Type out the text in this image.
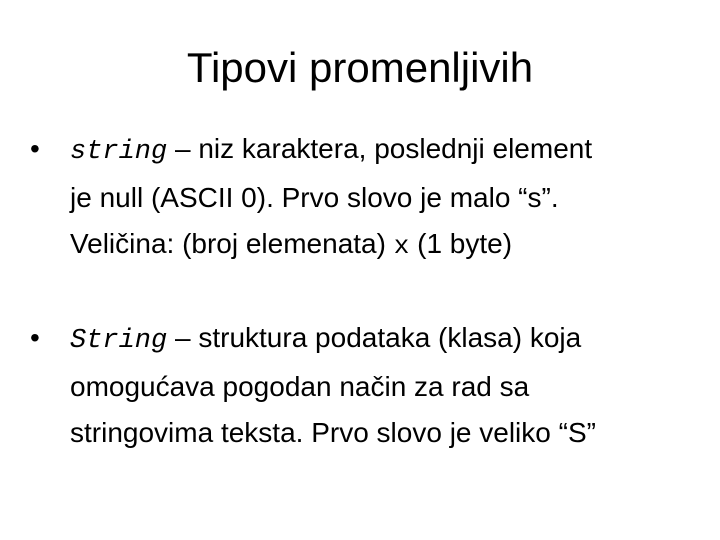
Tipovi promenljivih
• string – niz karaktera, poslednji element
je null (ASCII 0). Prvo slovo je malo “s”.
Veličina: (broj elemenata) x (1 byte)
• String – struktura podataka (klasa) koja
omogućava pogodan način za rad sa
stringovima teksta. Prvo slovo je veliko “S”
